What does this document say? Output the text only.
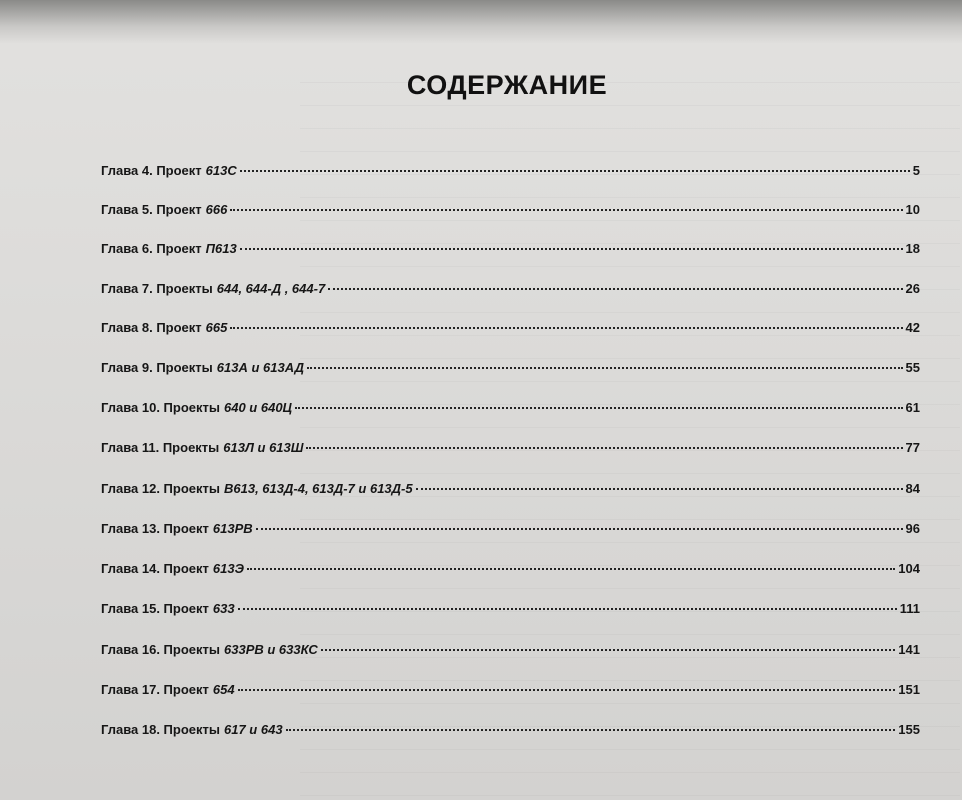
СОДЕРЖАНИЕ
Глава 4. Проект 613С	5
Глава 5. Проект 666	10
Глава 6. Проект П613	18
Глава 7. Проекты 644, 644-Д , 644-7	26
Глава 8. Проект 665	42
Глава 9. Проекты 613А и 613АД	55
Глава 10. Проекты 640 и 640Ц	61
Глава 11. Проекты 613Л и 613Ш	77
Глава 12. Проекты В613, 613Д-4, 613Д-7 и 613Д-5	84
Глава 13. Проект 613РВ	96
Глава 14. Проект 613Э	104
Глава 15. Проект 633	111
Глава 16. Проекты 633РВ и 633КС	141
Глава 17. Проект 654	151
Глава 18. Проекты 617 и 643	155
